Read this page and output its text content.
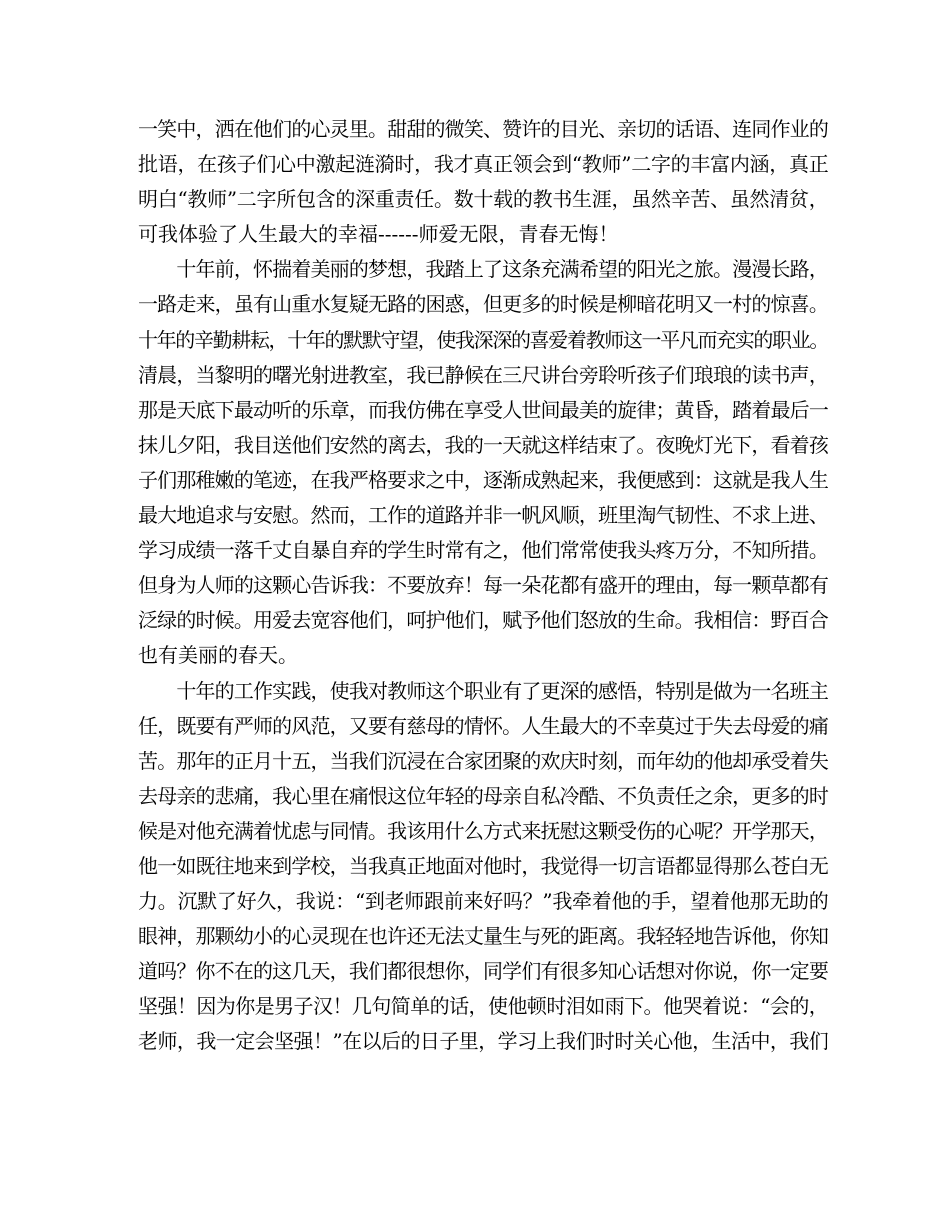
一笑中，洒在他们的心灵里。甜甜的微笑、赞许的目光、亲切的话语、连同作业的
批语，在孩子们心中激起涟漪时，我才真正领会到“教师”二字的丰富内涵，真正
明白“教师”二字所包含的深重责任。数十载的教书生涯，虽然辛苦、虽然清贫，
可我体验了人生最大的幸福------师爱无限，青春无悔！
　　十年前，怀揣着美丽的梦想，我踏上了这条充满希望的阳光之旅。漫漫长路，
一路走来，虽有山重水复疑无路的困惑，但更多的时候是柳暗花明又一村的惊喜。
十年的辛勤耕耘，十年的默默守望，使我深深的喜爱着教师这一平凡而充实的职业。
清晨，当黎明的曙光射进教室，我已静候在三尺讲台旁聆听孩子们琅琅的读书声，
那是天底下最动听的乐章，而我仿佛在享受人世间最美的旋律；黄昏，踏着最后一
抹儿夕阳，我目送他们安然的离去，我的一天就这样结束了。夜晚灯光下，看着孩
子们那稚嫩的笔迹，在我严格要求之中，逐渐成熟起来，我便感到：这就是我人生
最大地追求与安慰。然而，工作的道路并非一帆风顺，班里淘气韧性、不求上进、
学习成绩一落千丈自暴自弃的学生时常有之，他们常常使我头疼万分，不知所措。
但身为人师的这颗心告诉我：不要放弃！每一朵花都有盛开的理由，每一颗草都有
泛绿的时候。用爱去宽容他们，呵护他们，赋予他们怒放的生命。我相信：野百合
也有美丽的春天。
　　十年的工作实践，使我对教师这个职业有了更深的感悟，特别是做为一名班主
任，既要有严师的风范，又要有慈母的情怀。人生最大的不幸莫过于失去母爱的痛
苦。那年的正月十五，当我们沉浸在合家团聚的欢庆时刻，而年幼的他却承受着失
去母亲的悲痛，我心里在痛恨这位年轻的母亲自私冷酷、不负责任之余，更多的时
候是对他充满着忧虑与同情。我该用什么方式来抚慰这颗受伤的心呢？开学那天，
他一如既往地来到学校，当我真正地面对他时，我觉得一切言语都显得那么苍白无
力。沉默了好久，我说：“到老师跟前来好吗？”我牵着他的手，望着他那无助的
眼神，那颗幼小的心灵现在也许还无法丈量生与死的距离。我轻轻地告诉他，你知
道吗？你不在的这几天，我们都很想你，同学们有很多知心话想对你说，你一定要
坚强！因为你是男子汉！几句简单的话，使他顿时泪如雨下。他哭着说：“会的，
老师，我一定会坚强！”在以后的日子里，学习上我们时时关心他，生活中，我们
